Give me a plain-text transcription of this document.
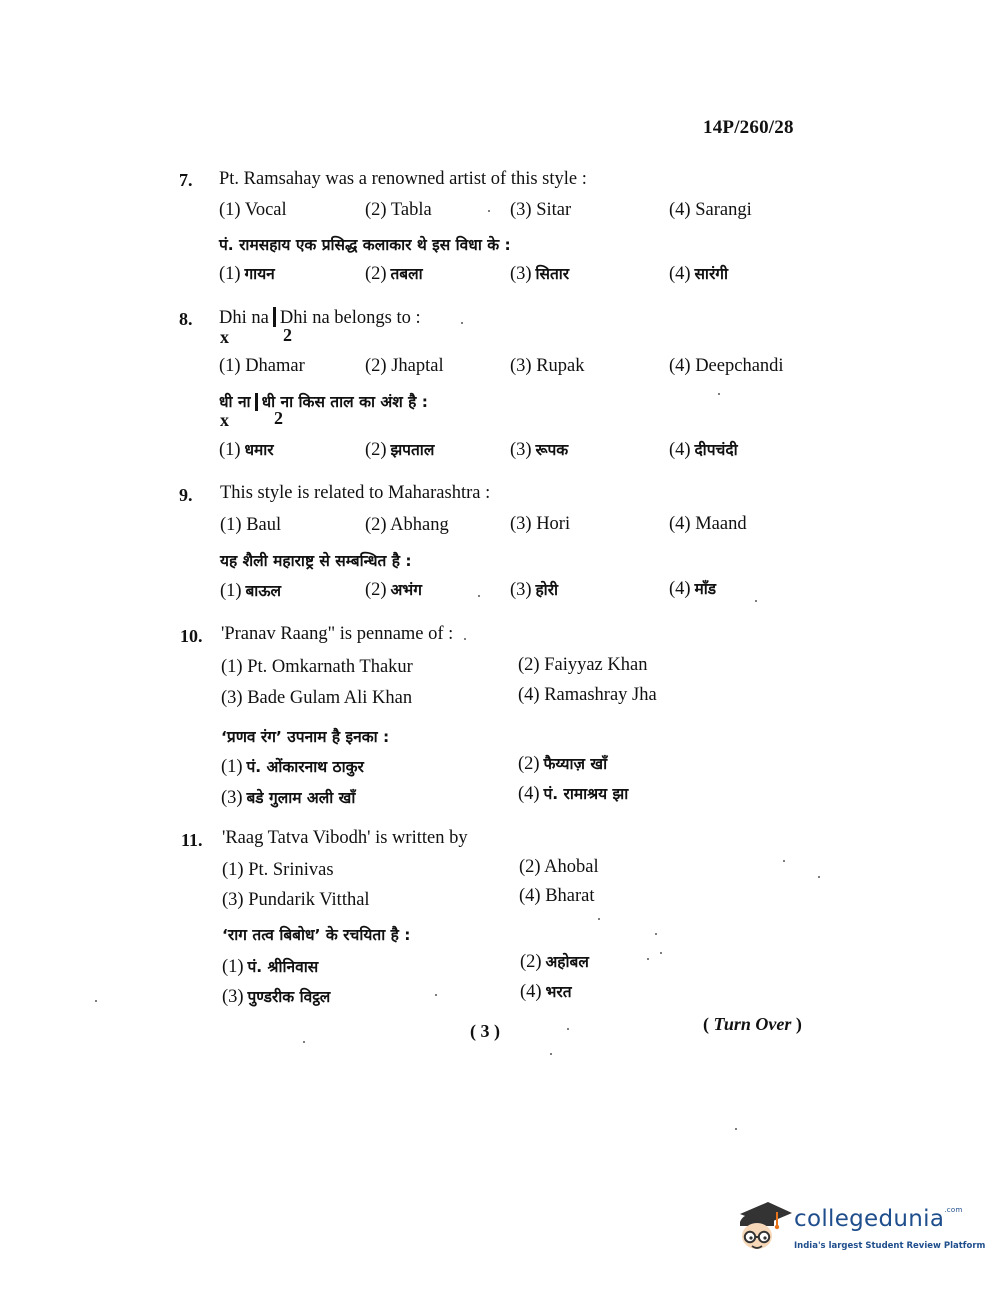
14P/260/28
7. Pt. Ramsahay was a renowned artist of this style :
(1) Vocal	(2) Tabla	(3) Sitar	(4) Sarangi
पं. रामसहाय एक प्रसिद्ध कलाकार थे इस विधा के :
(1) गायन	(2) तबला	(3) सितार	(4) सारंगी
8. Dhi na Dhi na belongs to :
x	2
(1) Dhamar	(2) Jhaptal	(3) Rupak	(4) Deepchandi
धी ना धी ना किस ताल का अंश है :
x	2
(1) धमार	(2) झपताल	(3) रूपक	(4) दीपचंदी
9. This style is related to Maharashtra :
(1) Baul	(2) Abhang	(3) Hori	(4) Maand
यह शैली महाराष्ट्र से सम्बन्धित है :
(1) बाऊल	(2) अभंग	(3) होरी	(4) मॉंड
10. 'Pranav Raang" is penname of :
(1) Pt. Omkarnath Thakur	(2) Faiyyaz Khan
(3) Bade Gulam Ali Khan	(4) Ramashray Jha
‘प्रणव रंग’ उपनाम है इनका :
(1) पं. ओंकारनाथ ठाकुर	(2) फैय्याज़ खाँ
(3) बडे गुलाम अली खाँ	(4) पं. रामाश्रय झा
11. 'Raag Tatva Vibodh' is written by
(1) Pt. Srinivas	(2) Ahobal
(3) Pundarik Vitthal	(4) Bharat
‘राग तत्व बिबोध’ के रचयिता है :
(1) पं. श्रीनिवास	(2) अहोबल
(3) पुण्डरीक विट्ठल	(4) भरत
( 3 )	( Turn Over )
collegedunia$^{.com}$
India's largest Student Review Platform
